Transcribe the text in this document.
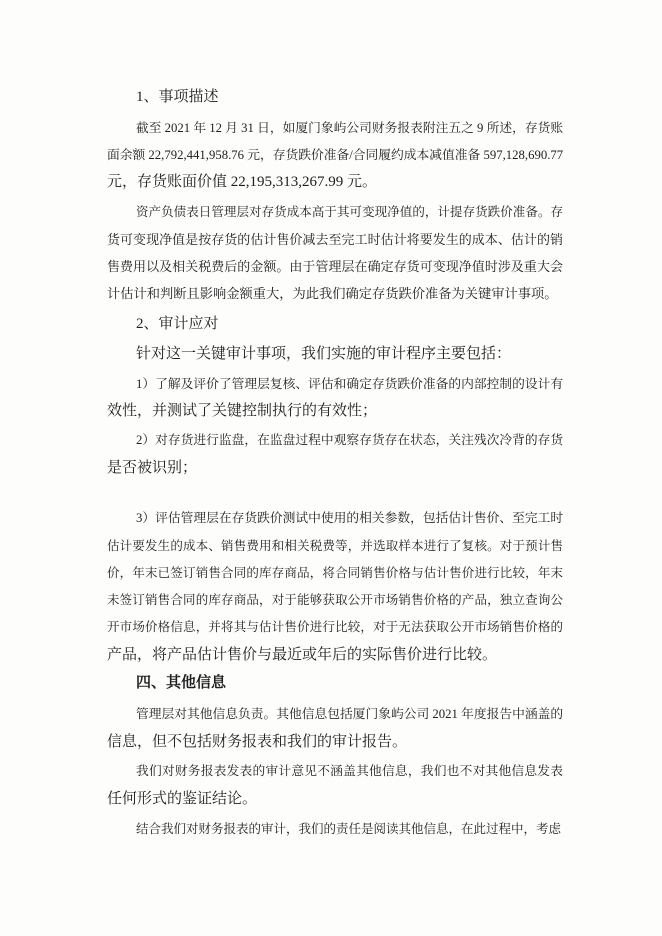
1、事项描述
截至 2021 年 12 月 31 日，如厦门象屿公司财务报表附注五之 9 所述，存货账
面余额 22,792,441,958.76 元，存货跌价准备/合同履约成本减值准备 597,128,690.77
元，存货账面价值 22,195,313,267.99 元。
资产负债表日管理层对存货成本高于其可变现净值的，计提存货跌价准备。存
货可变现净值是按存货的估计售价减去至完工时估计将要发生的成本、估计的销
售费用以及相关税费后的金额。由于管理层在确定存货可变现净值时涉及重大会
计估计和判断且影响金额重大，为此我们确定存货跌价准备为关键审计事项。
2、审计应对
针对这一关键审计事项，我们实施的审计程序主要包括：
1）了解及评价了管理层复核、评估和确定存货跌价准备的内部控制的设计有
效性，并测试了关键控制执行的有效性；
2）对存货进行监盘，在监盘过程中观察存货存在状态，关注残次冷背的存货
是否被识别；
3）评估管理层在存货跌价测试中使用的相关参数，包括估计售价、至完工时
估计要发生的成本、销售费用和相关税费等，并选取样本进行了复核。对于预计售
价，年末已签订销售合同的库存商品，将合同销售价格与估计售价进行比较，年末
未签订销售合同的库存商品，对于能够获取公开市场销售价格的产品，独立查询公
开市场价格信息，并将其与估计售价进行比较，对于无法获取公开市场销售价格的
产品，将产品估计售价与最近或年后的实际售价进行比较。
四、其他信息
管理层对其他信息负责。其他信息包括厦门象屿公司 2021 年度报告中涵盖的
信息，但不包括财务报表和我们的审计报告。
我们对财务报表发表的审计意见不涵盖其他信息，我们也不对其他信息发表
任何形式的鉴证结论。
结合我们对财务报表的审计，我们的责任是阅读其他信息，在此过程中，考虑
